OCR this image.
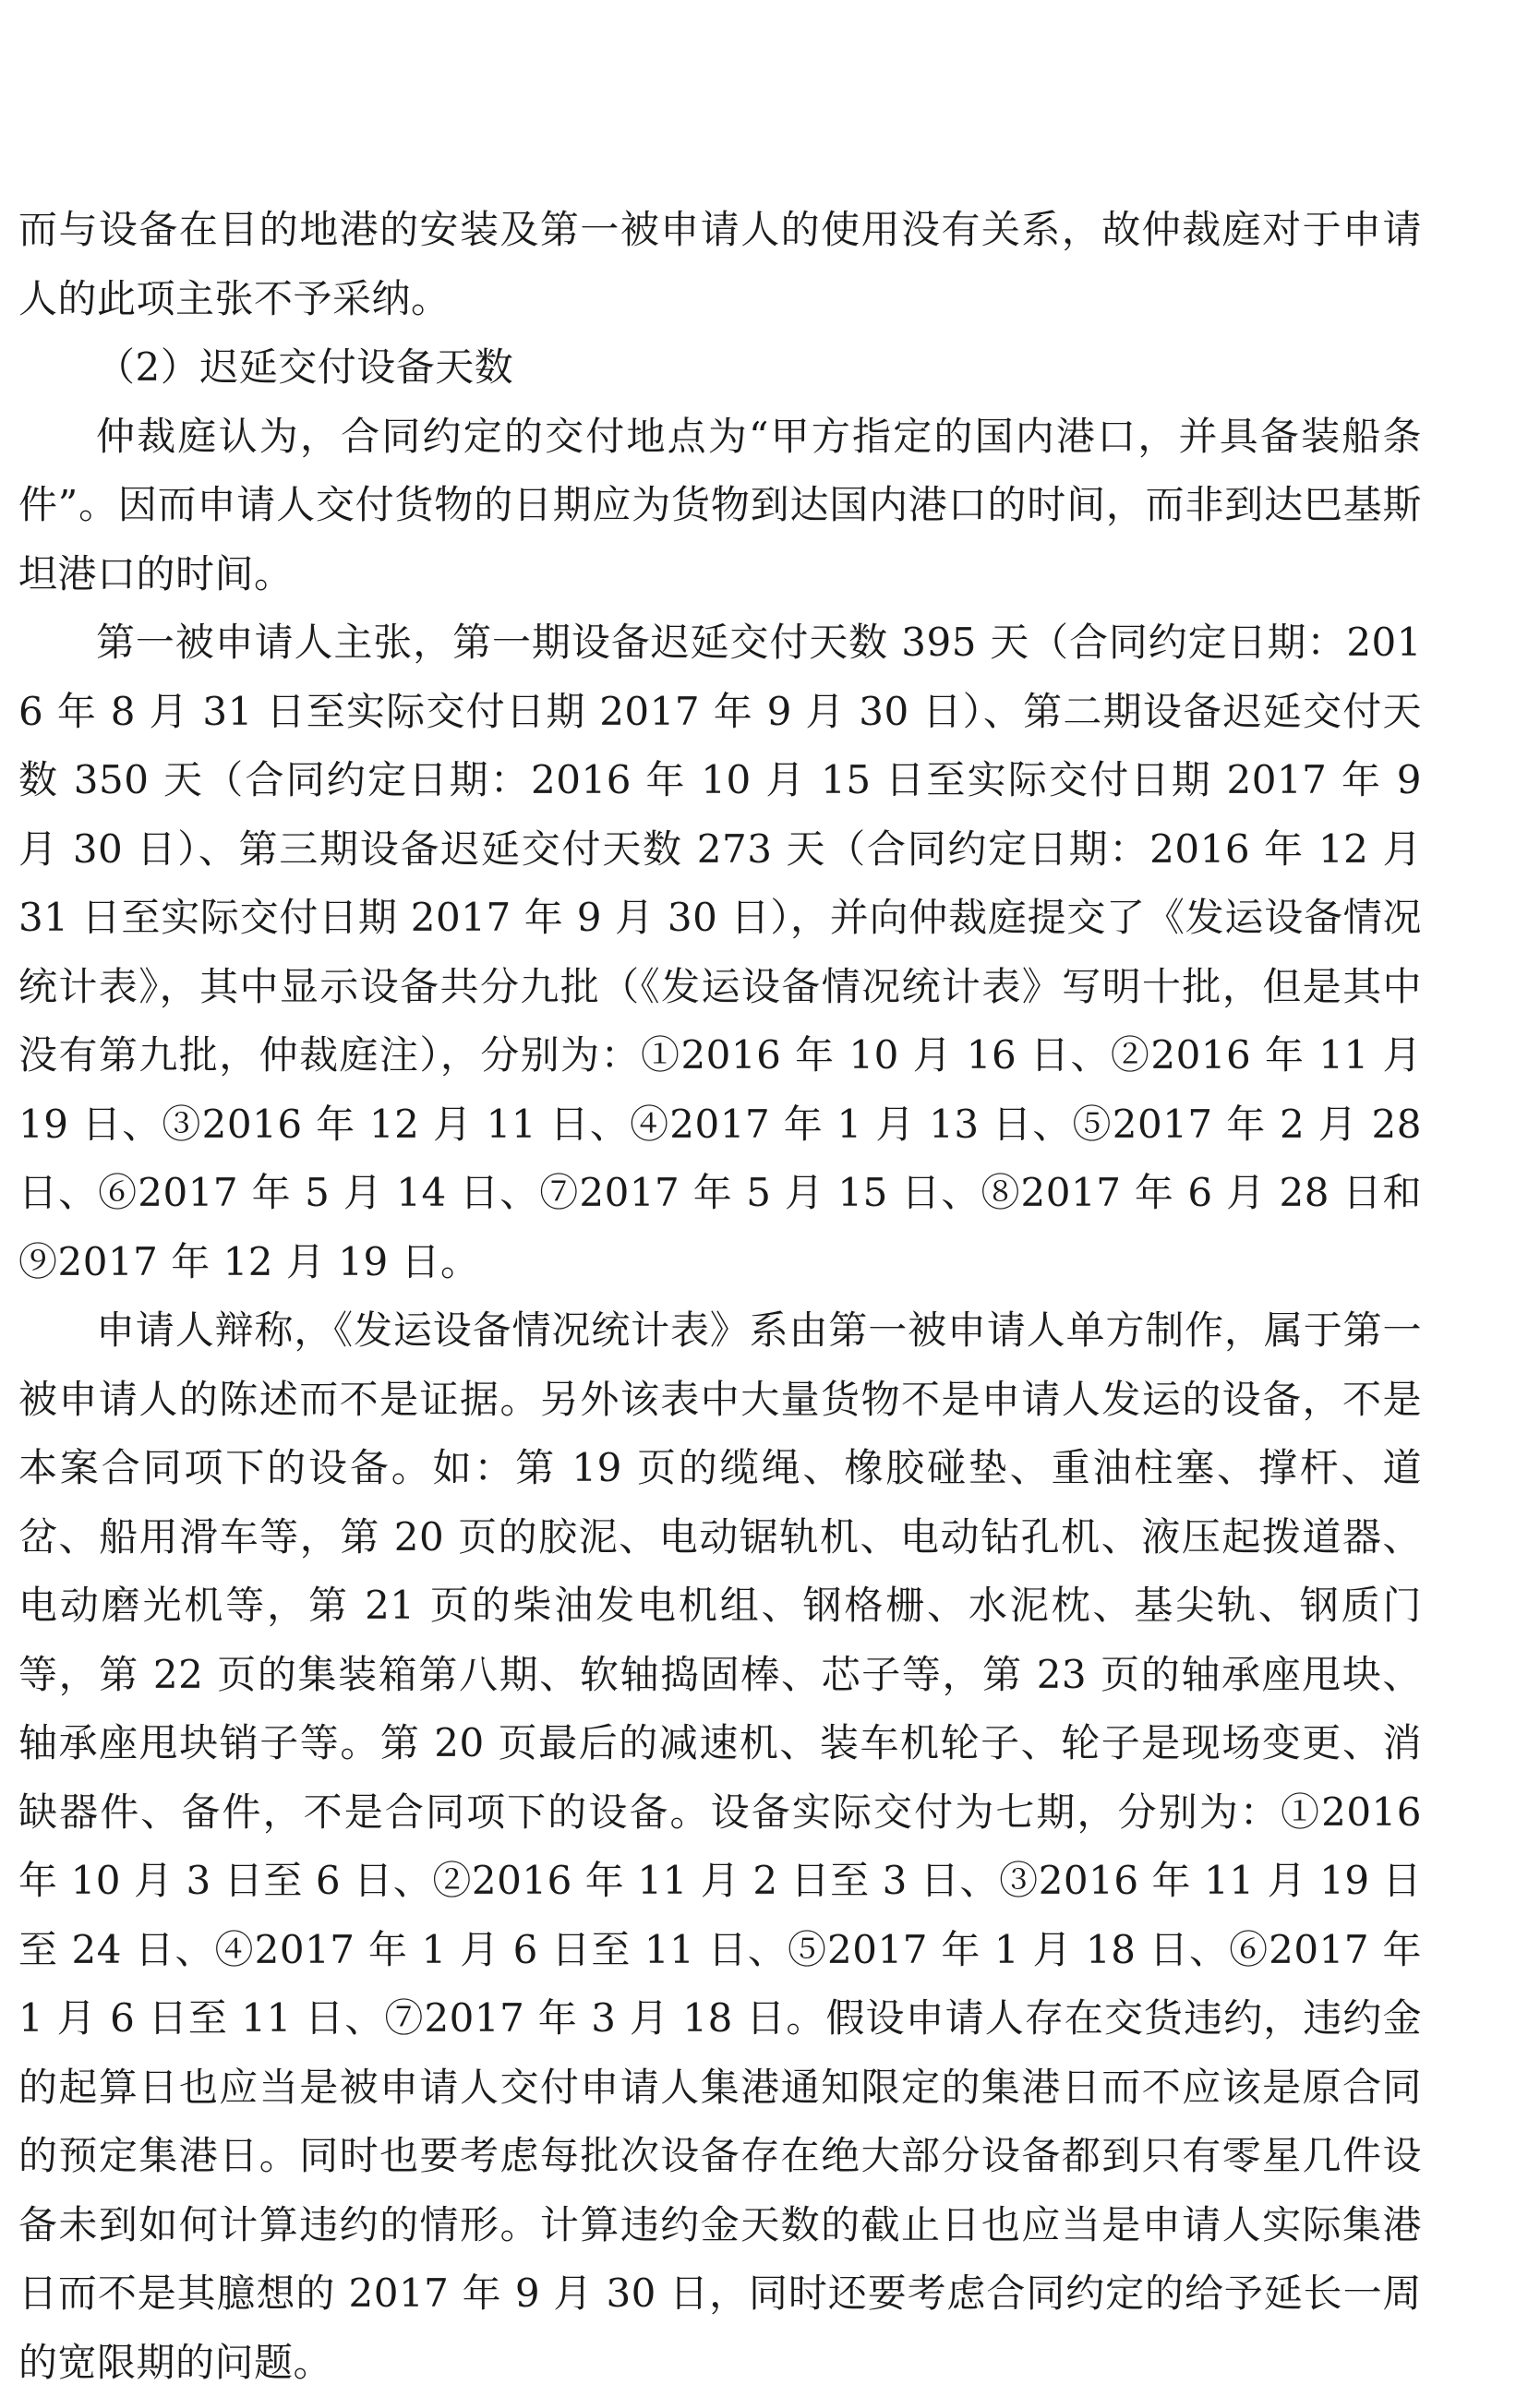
而与设备在目的地港的安装及第一被申请人的使用没有关系，故仲裁庭对于申请人的此项主张不予采纳。

（2）迟延交付设备天数

仲裁庭认为，合同约定的交付地点为“甲方指定的国内港口，并具备装船条件”。因而申请人交付货物的日期应为货物到达国内港口的时间，而非到达巴基斯坦港口的时间。

第一被申请人主张，第一期设备迟延交付天数 395 天（合同约定日期：2016 年 8 月 31 日至实际交付日期 2017 年 9 月 30 日）、第二期设备迟延交付天数 350 天（合同约定日期：2016 年 10 月 15 日至实际交付日期 2017 年 9 月 30 日）、第三期设备迟延交付天数 273 天（合同约定日期：2016 年 12 月 31 日至实际交付日期 2017 年 9 月 30 日），并向仲裁庭提交了《发运设备情况统计表》，其中显示设备共分九批（《发运设备情况统计表》写明十批，但是其中没有第九批，仲裁庭注），分别为：①2016 年 10 月 16 日、②2016 年 11 月 19 日、③2016 年 12 月 11 日、④2017 年 1 月 13 日、⑤2017 年 2 月 28 日、⑥2017 年 5 月 14 日、⑦2017 年 5 月 15 日、⑧2017 年 6 月 28 日和⑨2017 年 12 月 19 日。

申请人辩称，《发运设备情况统计表》系由第一被申请人单方制作，属于第一被申请人的陈述而不是证据。另外该表中大量货物不是申请人发运的设备，不是本案合同项下的设备。如：第 19 页的缆绳、橡胶碰垫、重油柱塞、撑杆、道岔、船用滑车等，第 20 页的胶泥、电动锯轨机、电动钻孔机、液压起拨道器、电动磨光机等，第 21 页的柴油发电机组、钢格栅、水泥枕、基尖轨、钢质门等，第 22 页的集装箱第八期、软轴捣固棒、芯子等，第 23 页的轴承座甩块、轴承座甩块销子等。第 20 页最后的减速机、装车机轮子、轮子是现场变更、消缺器件、备件，不是合同项下的设备。设备实际交付为七期，分别为：①2016 年 10 月 3 日至 6 日、②2016 年 11 月 2 日至 3 日、③2016 年 11 月 19 日至 24 日、④2017 年 1 月 6 日至 11 日、⑤2017 年 1 月 18 日、⑥2017 年 1 月 6 日至 11 日、⑦2017 年 3 月 18 日。假设申请人存在交货违约，违约金的起算日也应当是被申请人交付申请人集港通知限定的集港日而不应该是原合同的预定集港日。同时也要考虑每批次设备存在绝大部分设备都到只有零星几件设备未到如何计算违约的情形。计算违约金天数的截止日也应当是申请人实际集港日而不是其臆想的 2017 年 9 月 30 日，同时还要考虑合同约定的给予延长一周的宽限期的问题。
